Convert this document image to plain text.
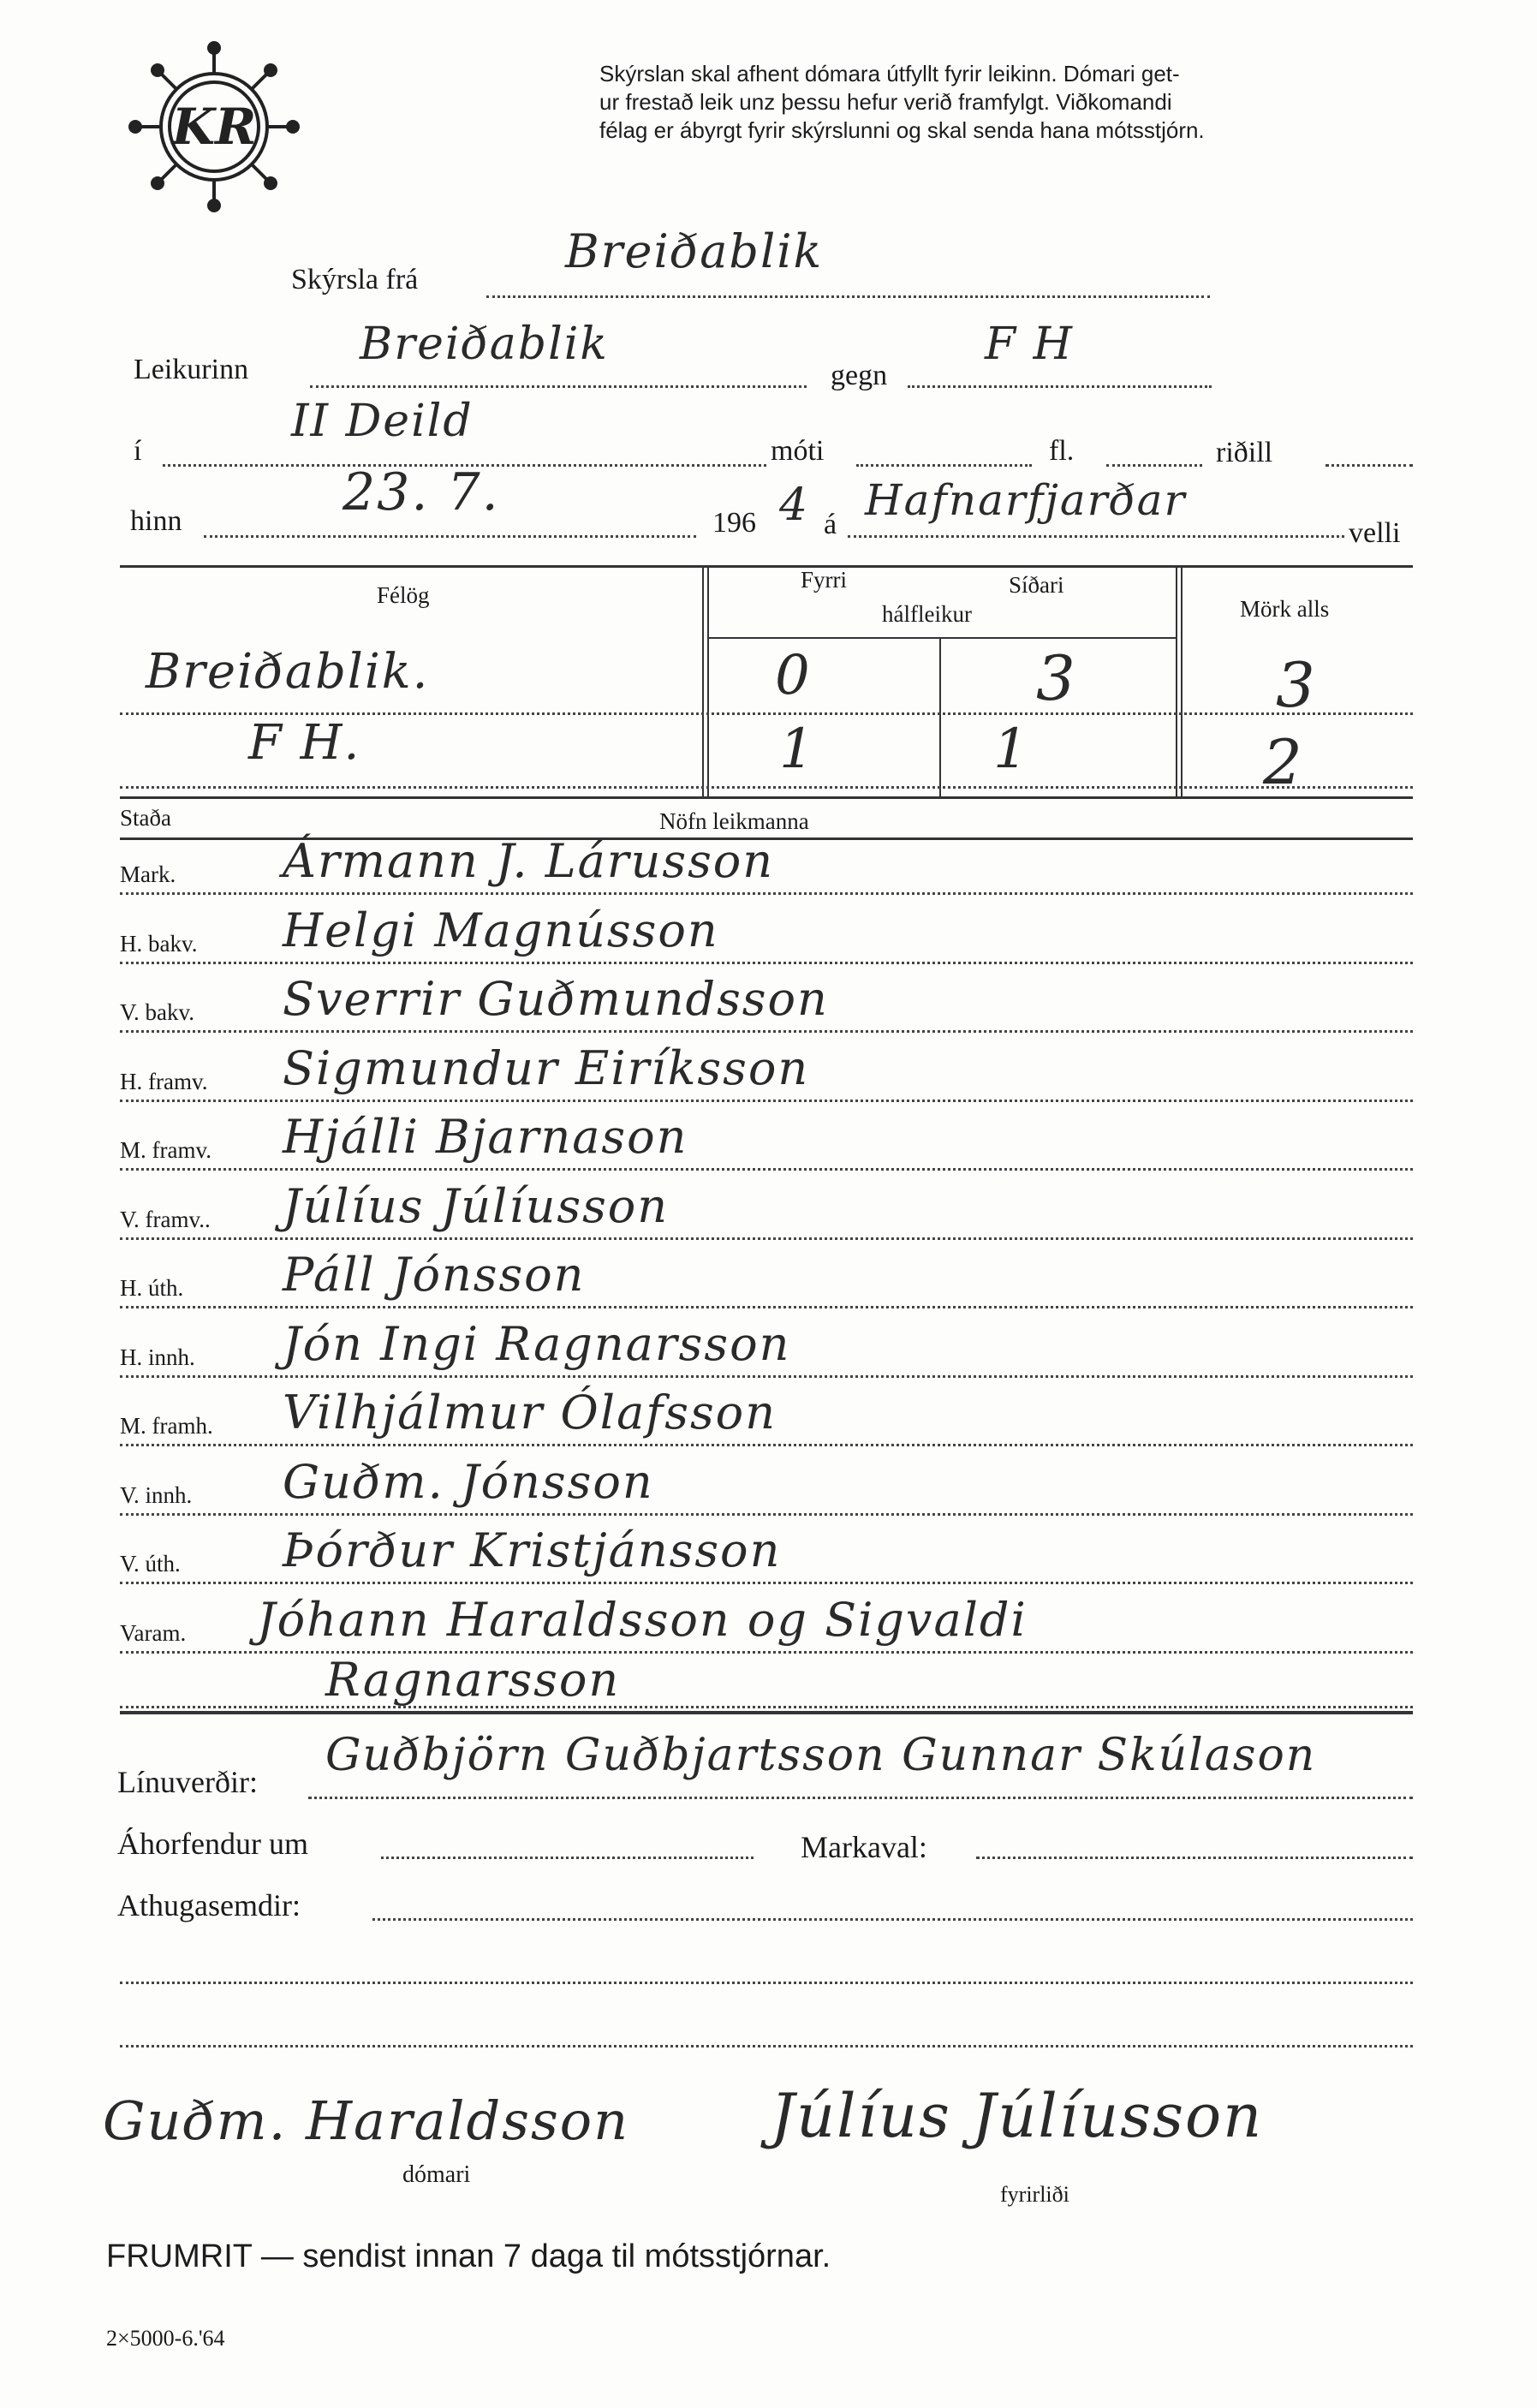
KR
Skýrslan skal afhent dómara útfyllt fyrir leikinn. Dómari get-
ur frestað leik unz þessu hefur verið framfylgt. Viðkomandi
félag er ábyrgt fyrir skýrslunni og skal senda hana mótsstjórn.
Skýrsla frá
Breiðablik
Leikurinn Breiðablik
gegn
F H
í
II Deild
móti	fl.	riðill
hinn	23. 7.
196 4 á Hafnarfjarðar
velli
Félög
Fyrri	Síðari
hálfleikur	Mörk alls
Breiðablik.	0	3	3
F H.	1	1	2
Staða	Nöfn leikmanna
Mark. Ármann J. Lárusson
H. bakv. Helgi Magnússon
V. bakv. Sverrir Guðmundsson
H. framv. Sigmundur Eiríksson
M. framv. Hjálli Bjarnason
V. framv.. Júlíus Júlíusson
H. úth. Páll Jónsson
H. innh. Jón Ingi Ragnarsson
M. framh. Vilhjálmur Ólafsson
V. innh. Guðm. Jónsson
V. úth. Þórður Kristjánsson
Varam. Jóhann Haraldsson og Sigvaldi
Ragnarsson
Línuverðir:
Guðbjörn Guðbjartsson Gunnar Skúlason
Áhorfendur um	Markaval:
Athugasemdir:
Guðm. Haraldsson
dómari
Júlíus Júlíusson
fyrirliði
FRUMRIT — sendist innan 7 daga til mótsstjórnar.
2×5000-6.'64
